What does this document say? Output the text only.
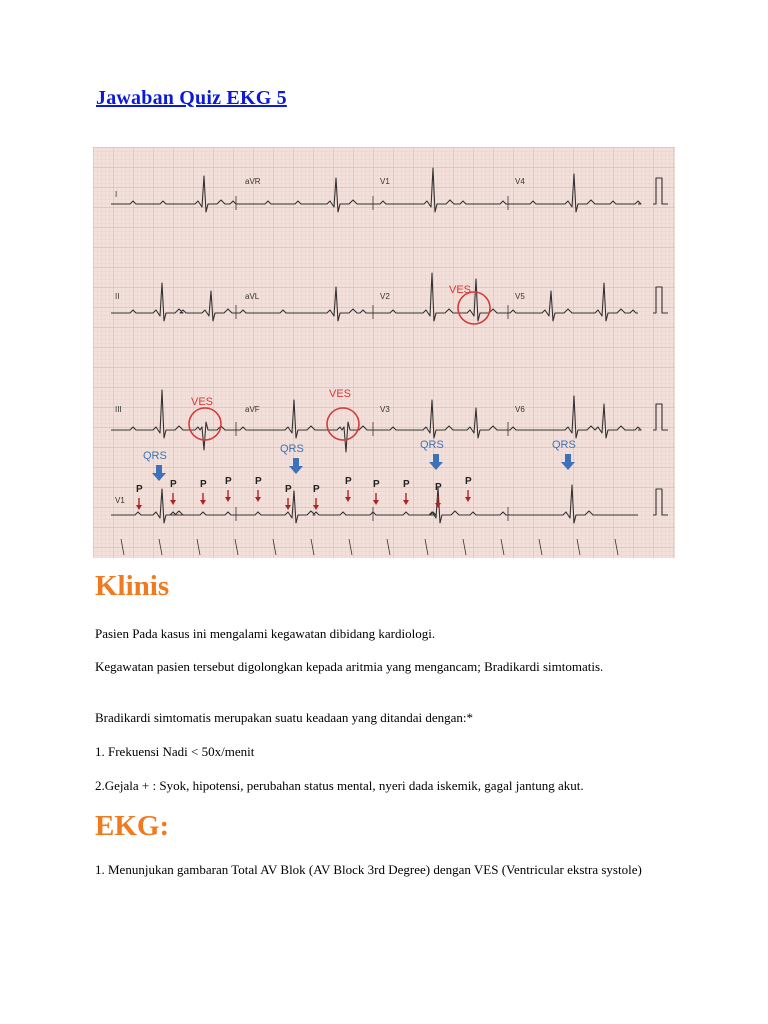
Jawaban Quiz EKG 5
I
aVR	V1	V4
II	aVL	V2	V5
III	aVF	V3	V6
V1
VES
VES
VES
QRS
QRS	QRS	QRS
P	P P P P
P P
P P P	P
P
Klinis

Pasien Pada kasus ini mengalami kegawatan dibidang kardiologi.

Kegawatan pasien tersebut digolongkan kepada aritmia yang mengancam; Bradikardi simtomatis.

Bradikardi simtomatis merupakan suatu keadaan yang ditandai dengan:*

1. Frekuensi Nadi < 50x/menit

2.Gejala + : Syok, hipotensi, perubahan status mental, nyeri dada iskemik, gagal jantung akut.

EKG:

1. Menunjukan gambaran Total AV Blok (AV Block 3rd Degree) dengan VES (Ventricular ekstra systole)
